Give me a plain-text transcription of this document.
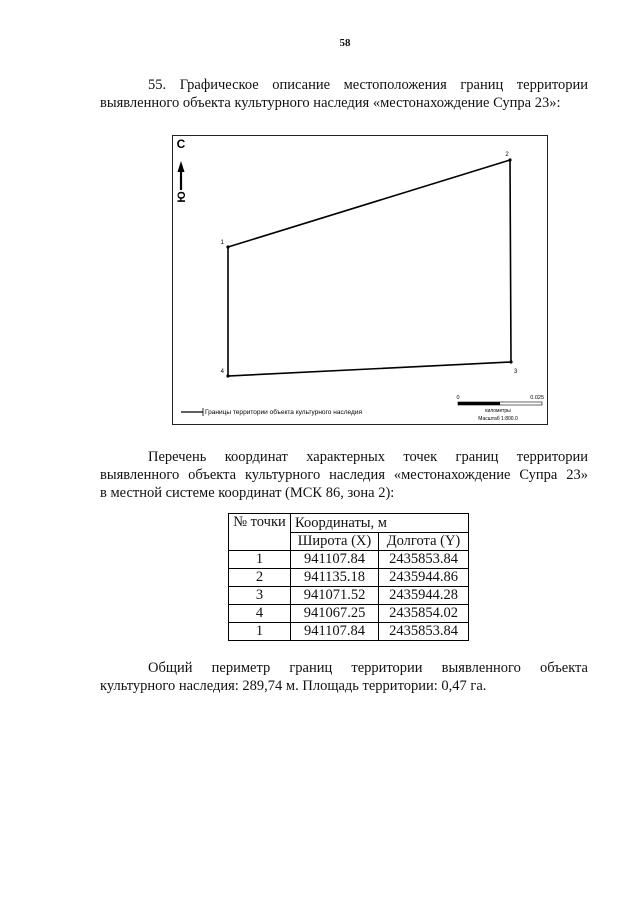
58
55. Графическое описание местоположения границ территории
выявленного объекта культурного наследия «местонахождение Супра 23»:
С
Ю
1
2
3
4
Границы территории объекта культурного наследия
0	0.025
километры
Масштаб 1:800.0
Перечень координат характерных точек границ территории
выявленного объекта культурного наследия «местонахождение Супра 23»
в местной системе координат (МСК 86, зона 2):
№ точки	Координаты, м	
	Широта (X)	Долгота (Y)
1	941107.84	2435853.84
2	941135.18	2435944.86
3	941071.52	2435944.28
4	941067.25	2435854.02
1	941107.84	2435853.84
Общий периметр границ территории выявленного объекта
культурного наследия: 289,74 м. Площадь территории: 0,47 га.
